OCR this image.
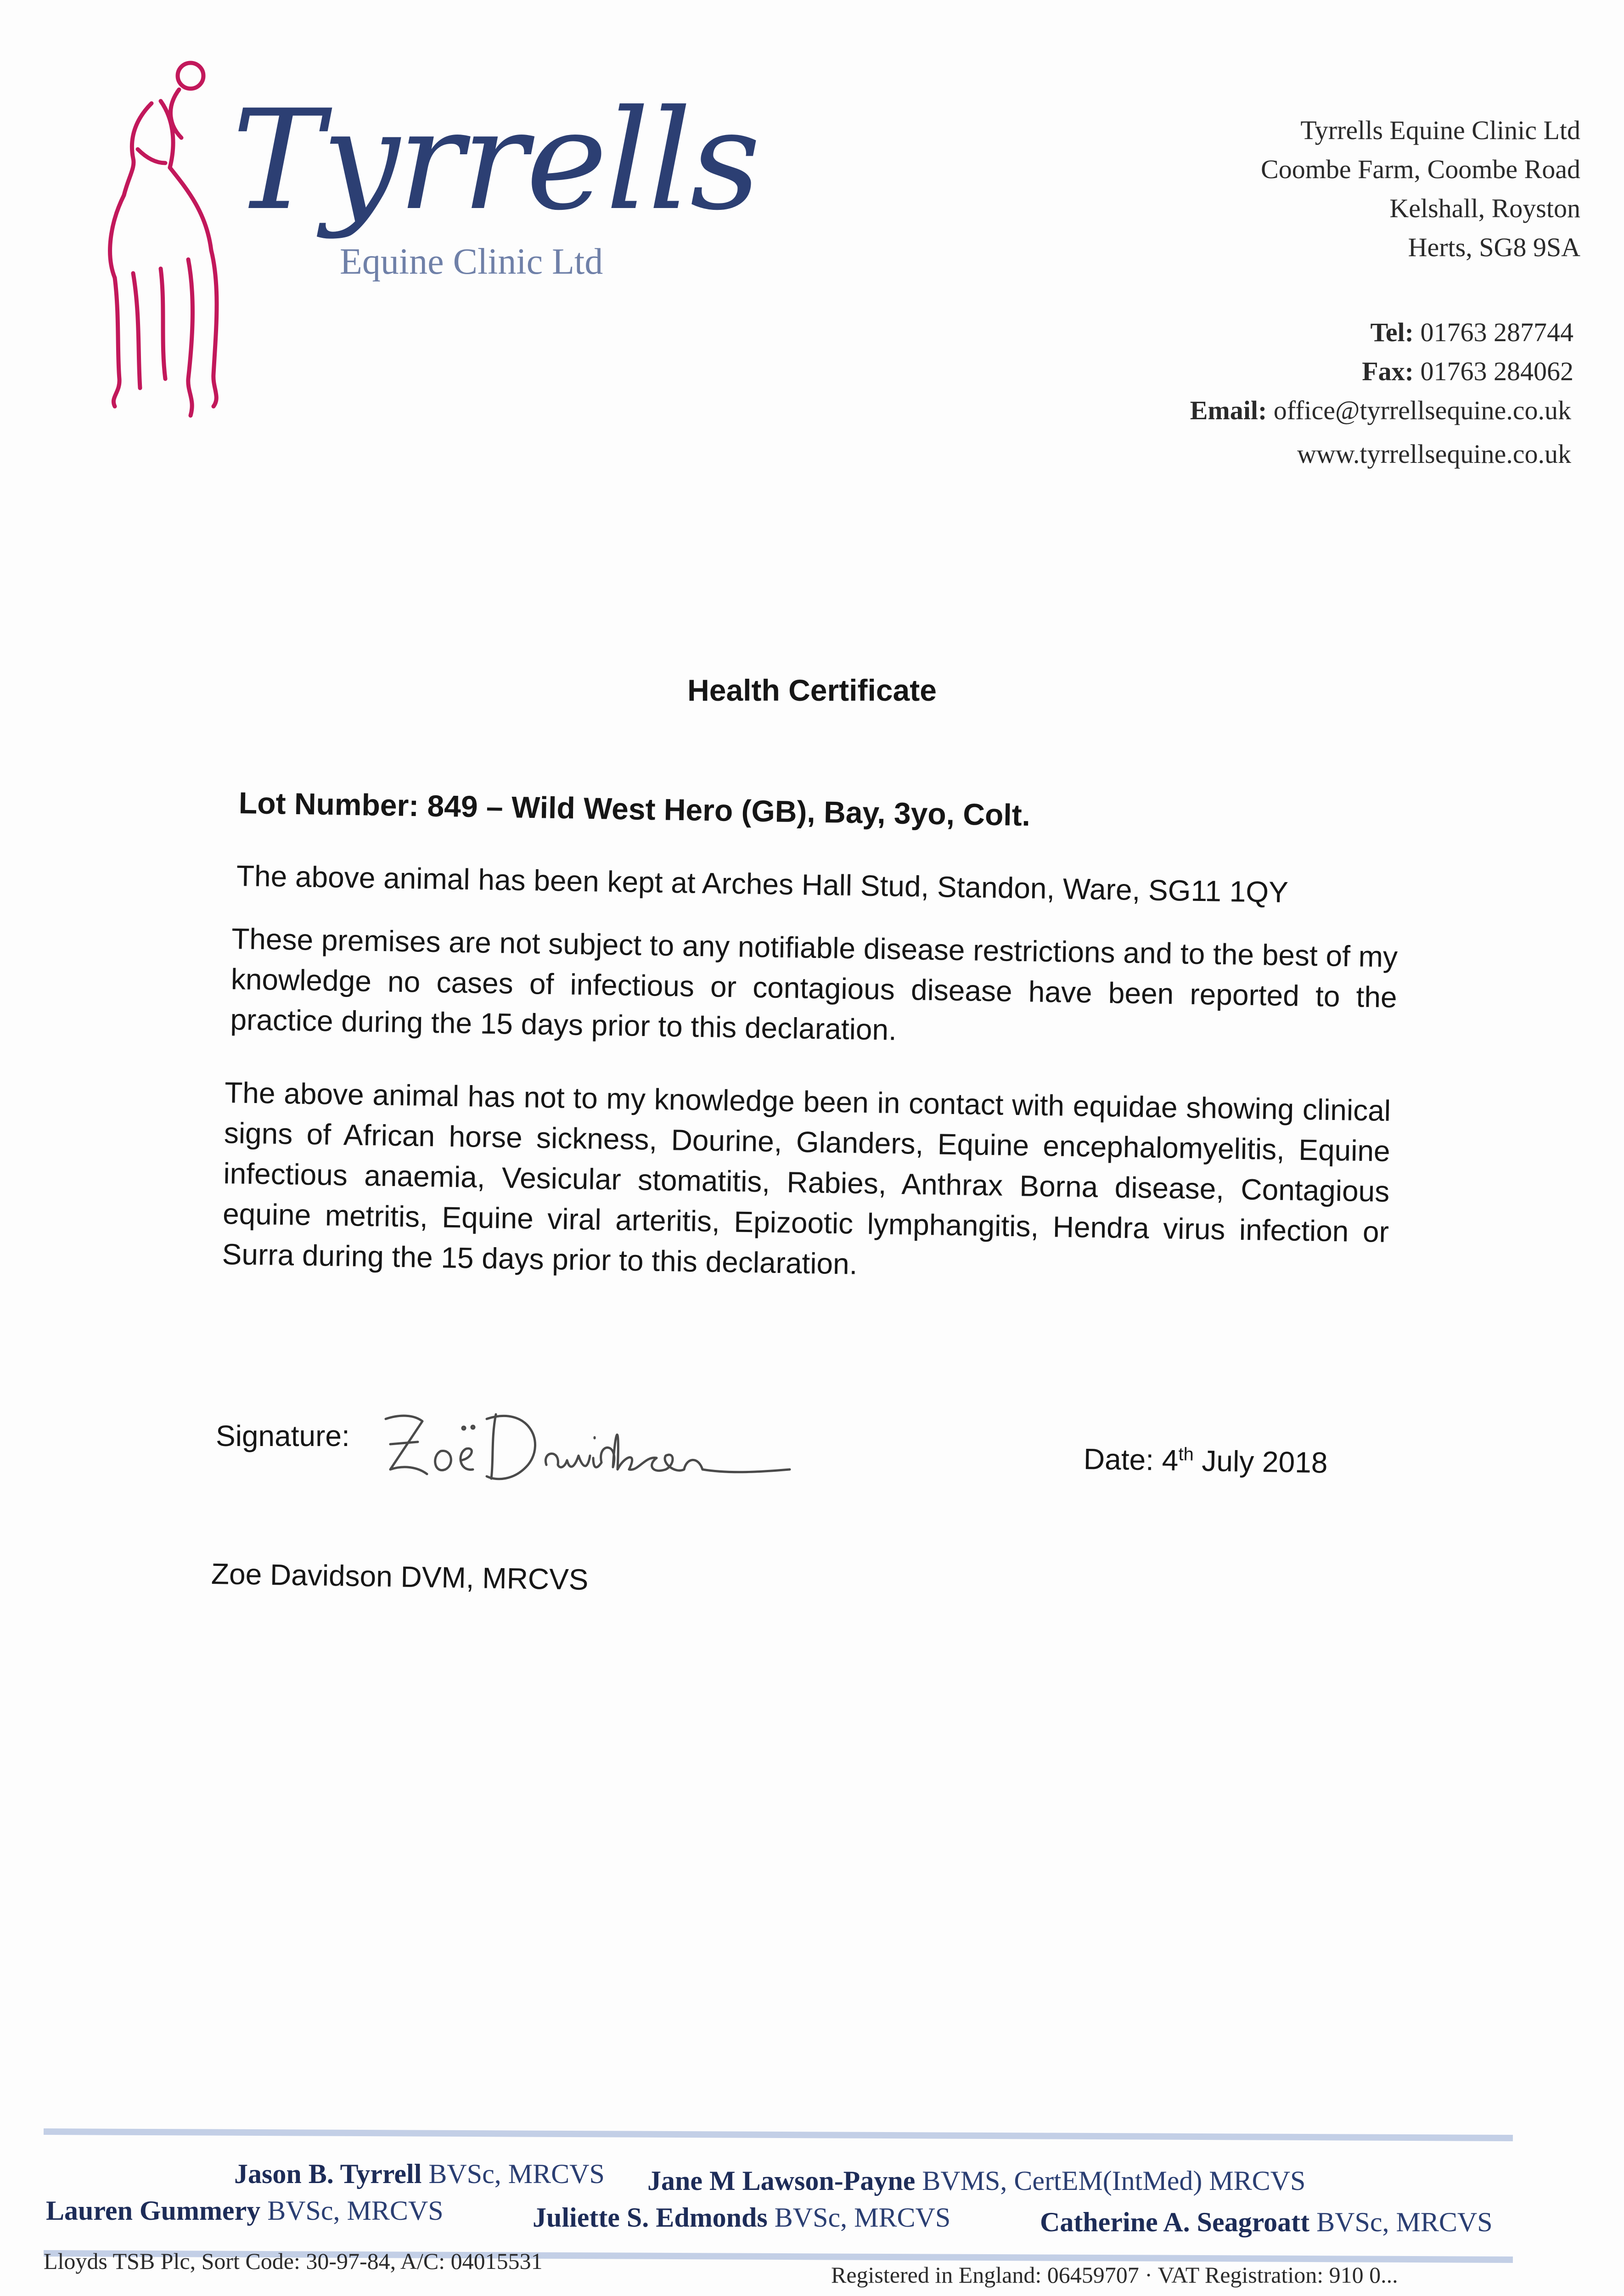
Tyrrells
Equine Clinic Ltd
Tyrrells Equine Clinic Ltd
Coombe Farm, Coombe Road
Kelshall, Royston
Herts, SG8 9SA
Tel: 01763 287744
Fax: 01763 284062
Email: office@tyrrellsequine.co.uk
www.tyrrellsequine.co.uk
Health Certificate
Lot Number: 849 – Wild West Hero (GB), Bay, 3yo, Colt.
The above animal has been kept at Arches Hall Stud, Standon, Ware, SG11 1QY
These premises are not subject to any notifiable disease restrictions and to the best of my knowledge no cases of infectious or contagious disease have been reported to the practice during the 15 days prior to this declaration.
The above animal has not to my knowledge been in contact with equidae showing clinical signs of African horse sickness, Dourine, Glanders, Equine encephalomyelitis, Equine infectious anaemia, Vesicular stomatitis, Rabies, Anthrax Borna disease, Contagious equine metritis, Equine viral arteritis, Epizootic lymphangitis, Hendra virus infection or Surra during the 15 days prior to this declaration.
Signature:
Date: 4th July 2018
Zoe Davidson DVM, MRCVS
Jason B. Tyrrell BVSc, MRCVS Jane M Lawson-Payne BVMS, CertEM(IntMed) MRCVS
Lauren Gummery BVSc, MRCVS	Juliette S. Edmonds BVSc, MRCVS	Catherine A. Seagroatt BVSc, MRCVS
Lloyds TSB Plc, Sort Code: 30-97-84, A/C: 04015531
Registered in England: 06459707 · VAT Registration: 910 0...
